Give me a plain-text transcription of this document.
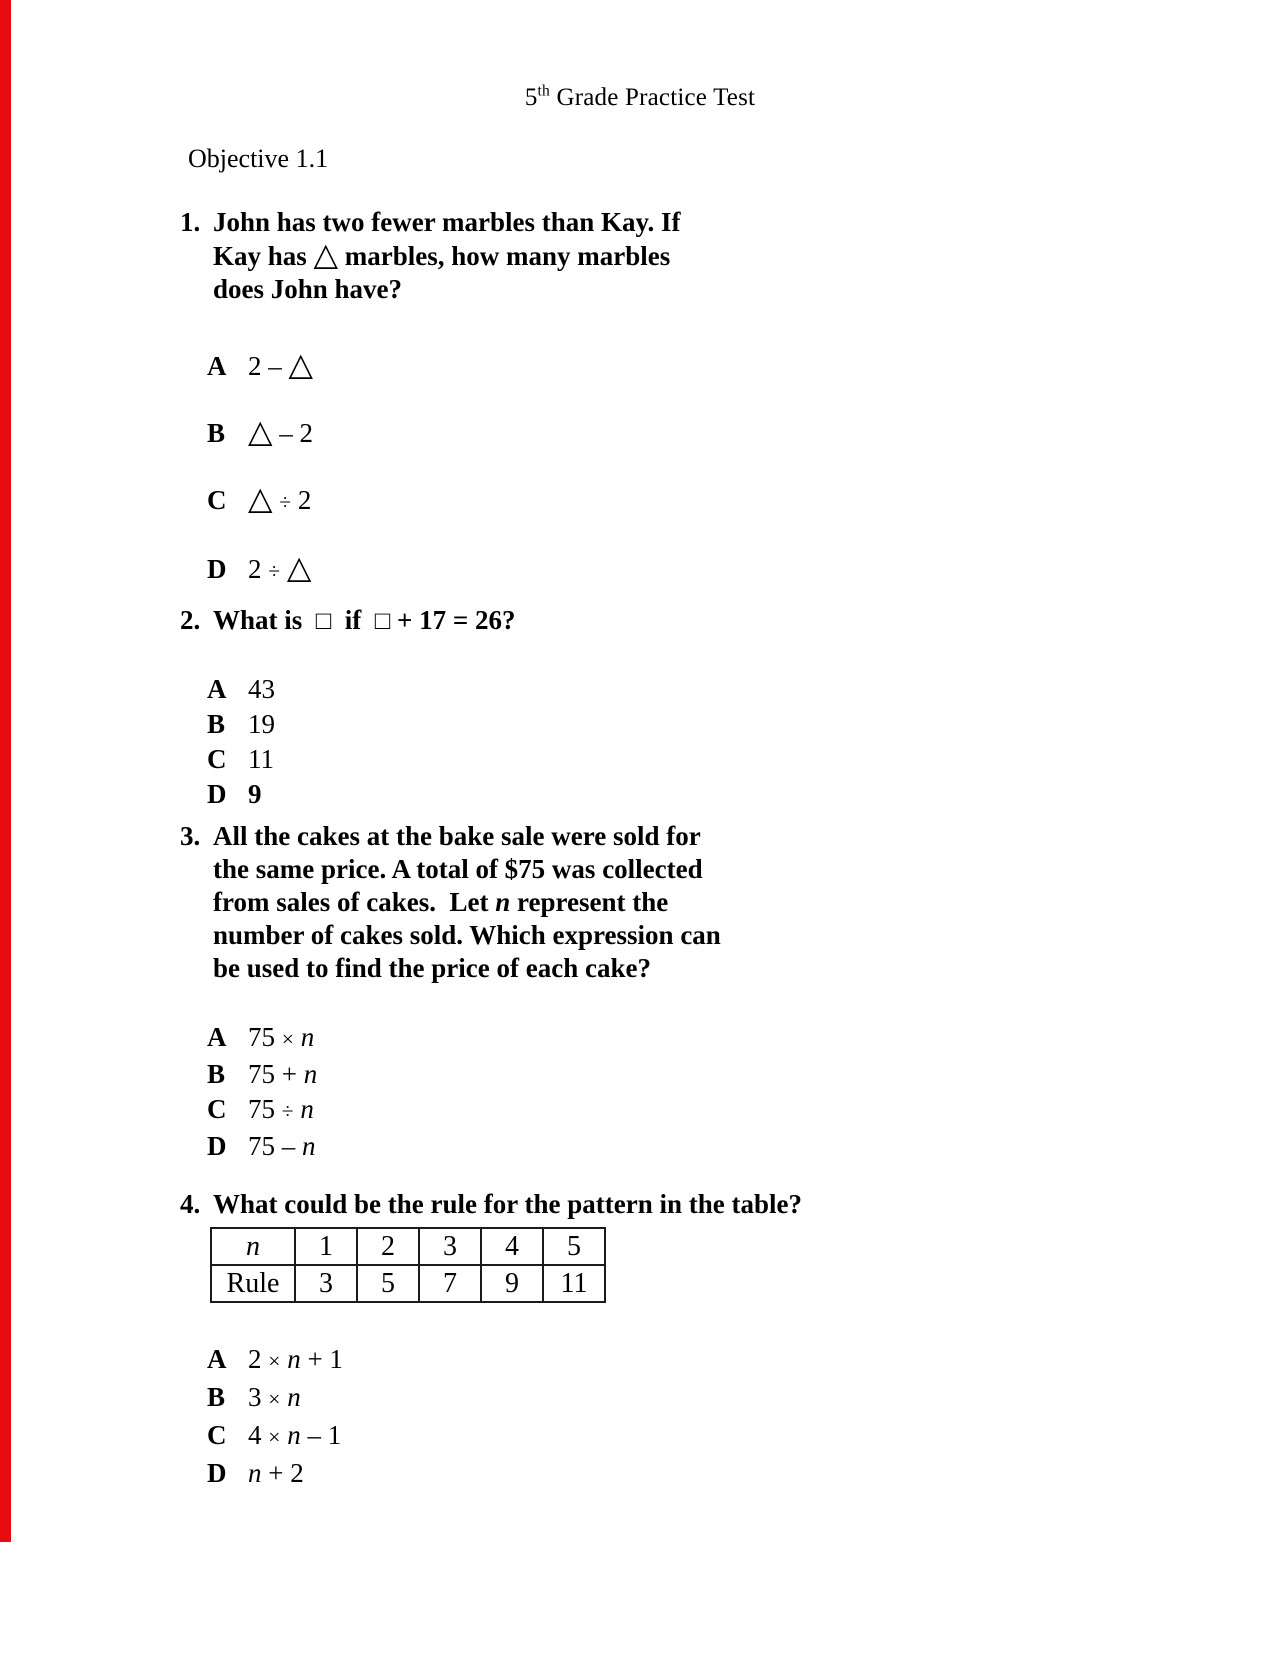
5th Grade Practice Test
Objective 1.1
1. John has two fewer marbles than Kay. If
Kay has △ marbles, how many marbles
does John have?
A 2 – △
B △ – 2
C △ ÷ 2
D 2 ÷ △
2. What is  □  if  □ + 17 = 26?
A 43
B 19
C 11
D 9
3. All the cakes at the bake sale were sold for
the same price. A total of $75 was collected
from sales of cakes.  Let n represent the
number of cakes sold. Which expression can
be used to find the price of each cake?
A 75 × n
B 75 + n
C 75 ÷ n
D 75 – n
4. What could be the rule for the pattern in the table?
n	1	2	3	4	5
Rule	3	5	7	9	11
A 2 × n + 1
B 3 × n
C 4 × n – 1
D n + 2
